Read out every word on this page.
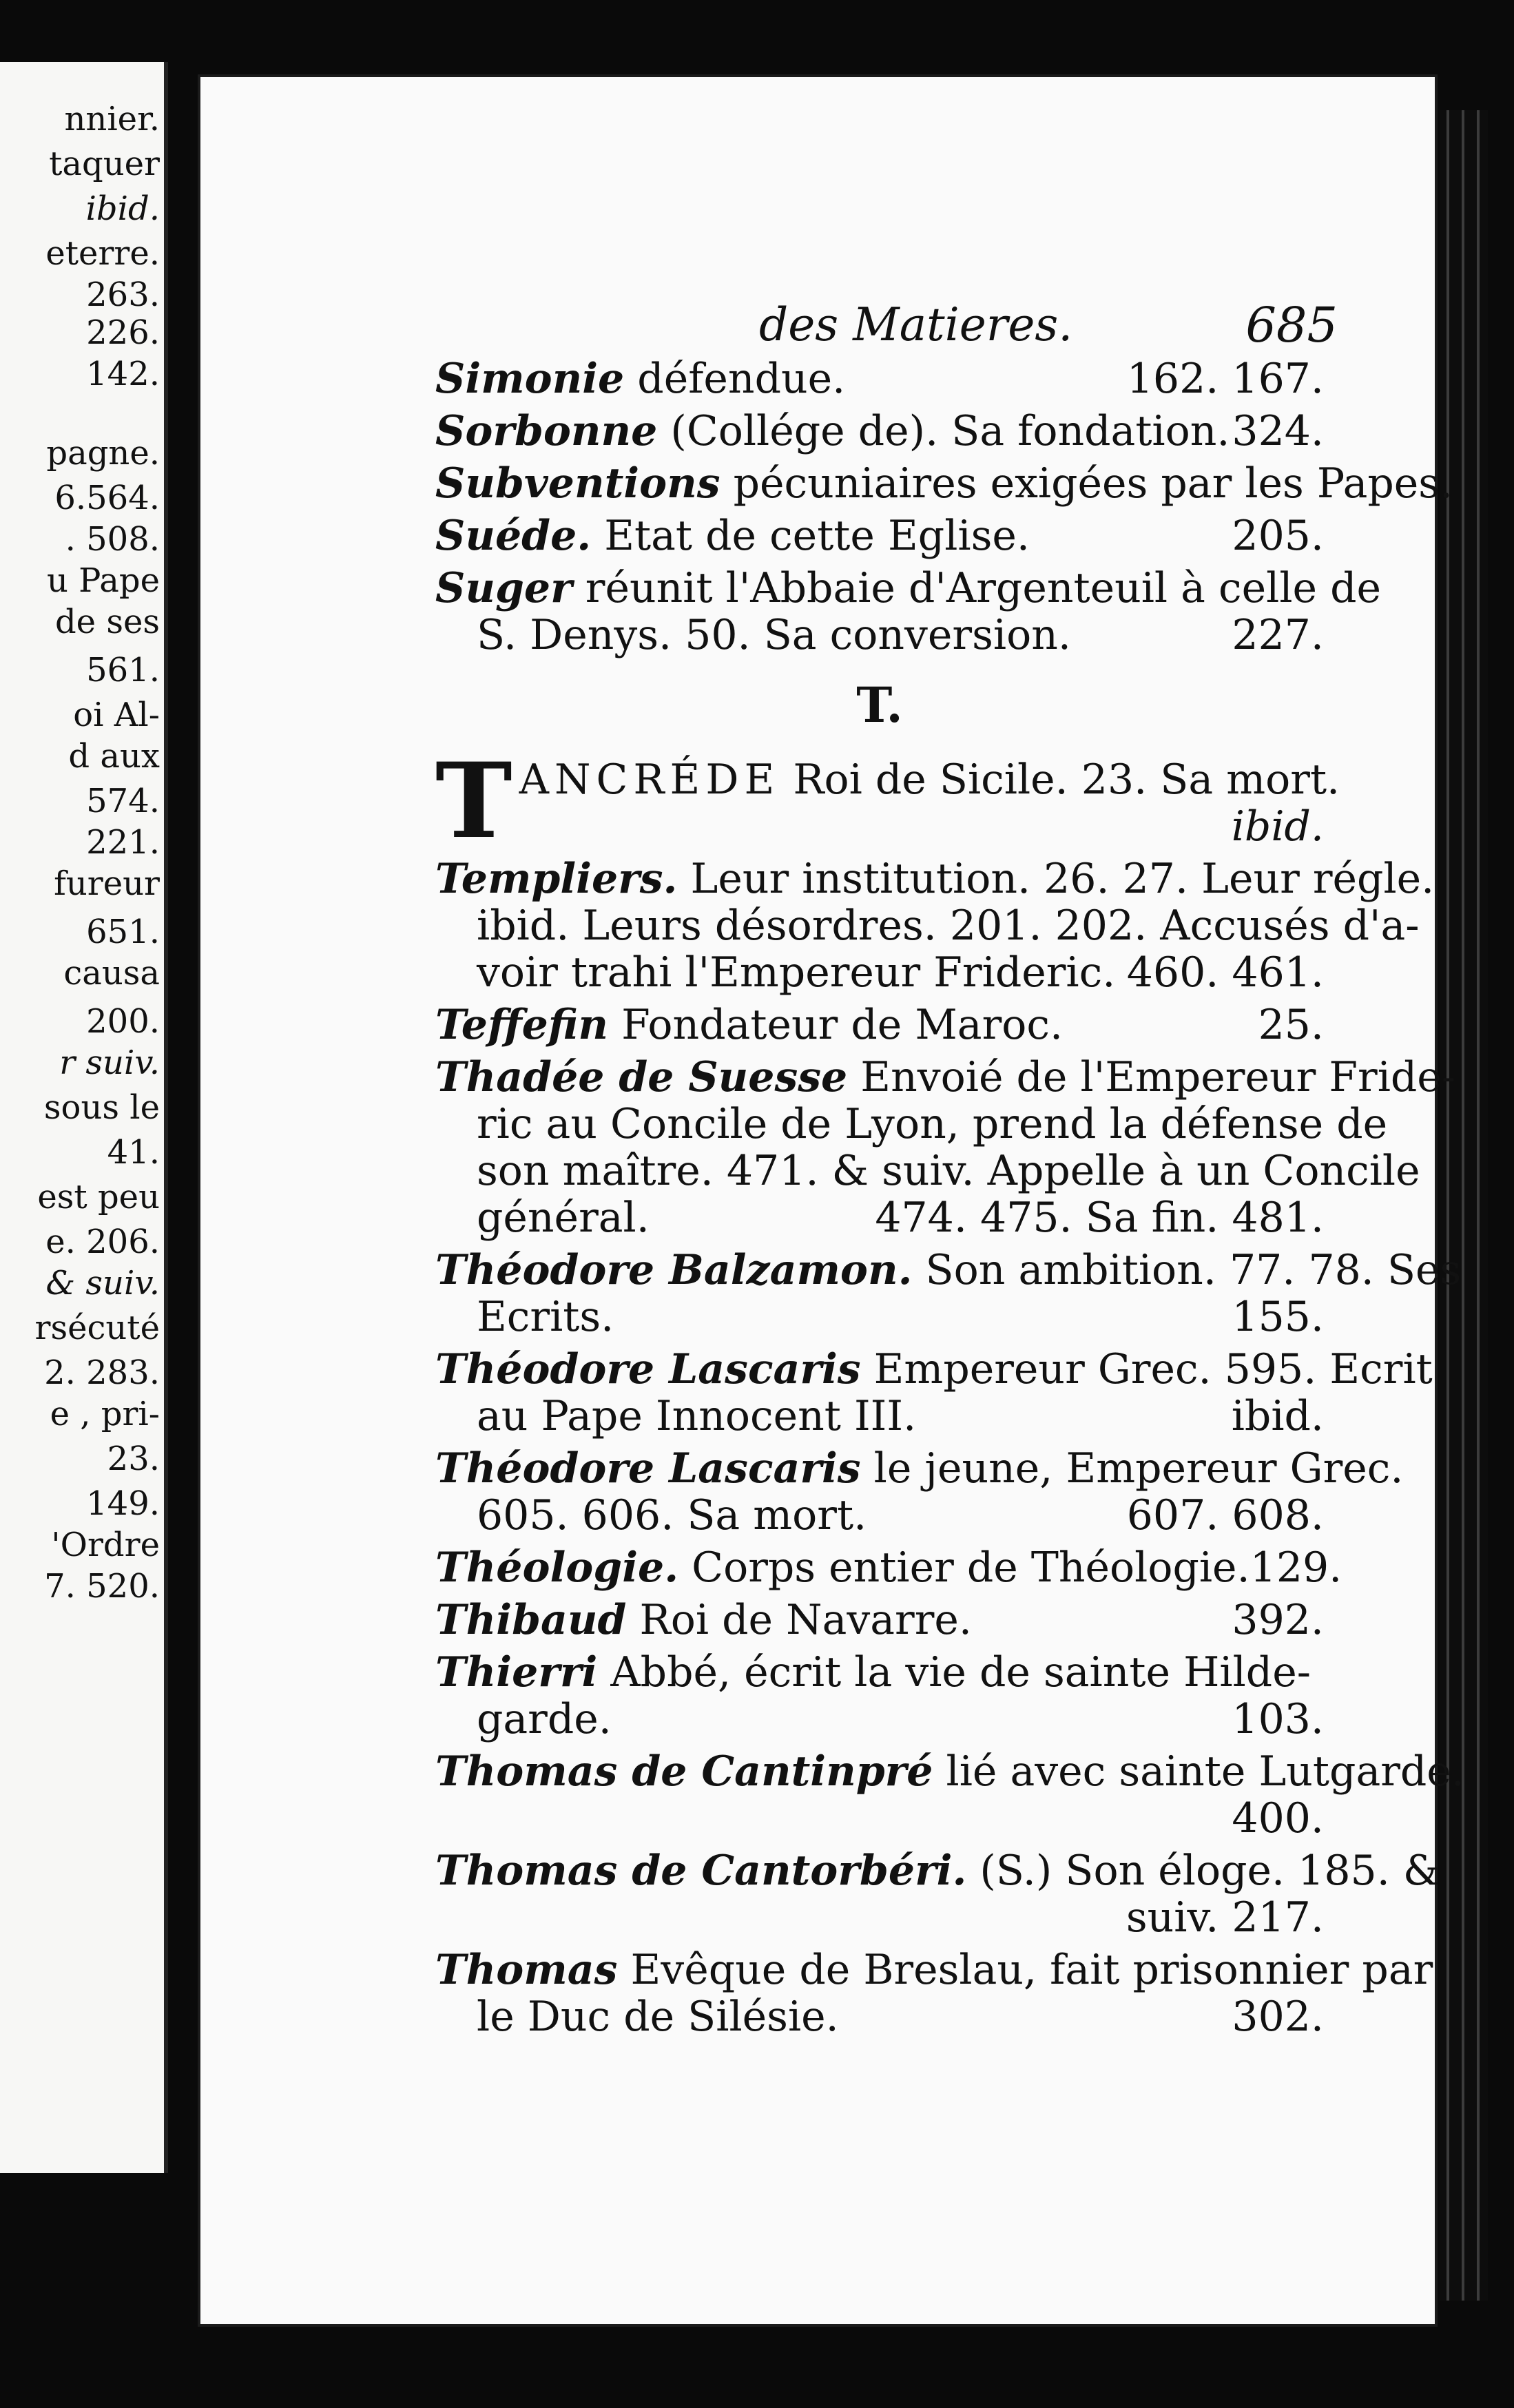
nnier.
taquer
ibid.
eterre.
263.
226.
142.
pagne.
6.564.
. 508.
u Pape
de ses
561.
oi Al-
d aux
574.
221.
fureur
651.
causa
200.
r suiv.
sous le
41.
est peu
e. 206.
& suiv.
rsécuté
2. 283.
e , pri-
23.
149.
'Ordre
7. 520.
des Matieres.	685
Simonie défendue.	162. 167.
Sorbonne (Collége de). Sa fondation. 324.
Subventions pécuniaires exigées par les Papes.
Suéde. Etat de cette Eglise.	205.
Suger réunit l'Abbaie d'Argenteuil à celle de
S. Denys. 50. Sa conversion.	227.
T.
T ANCRÉDE Roi de Sicile. 23. Sa mort.
ibid.
Templiers. Leur institution. 26. 27. Leur régle.
ibid. Leurs désordres. 201. 202. Accusés d'a-
voir trahi l'Empereur Frideric. 460. 461.
Teffefin Fondateur de Maroc.	25.
Thadée de Suesse Envoié de l'Empereur Fride-
ric au Concile de Lyon, prend la défense de
son maître. 471. & suiv. Appelle à un Concile
général.	474. 475. Sa fin. 481.
Théodore Balzamon. Son ambition. 77. 78. Ses
Ecrits.	155.
Théodore Lascaris Empereur Grec. 595. Ecrit
au Pape Innocent III.	ibid.
Théodore Lascaris le jeune, Empereur Grec.
605. 606. Sa mort.	607. 608.
Théologie. Corps entier de Théologie. 129.
Thibaud Roi de Navarre.	392.
Thierri Abbé, écrit la vie de sainte Hilde-
garde.	103.
Thomas de Cantinpré lié avec sainte Lutgarde.
400.
Thomas de Cantorbéri. (S.) Son éloge. 185. &
suiv. 217.
Thomas Evêque de Breslau, fait prisonnier par
le Duc de Silésie.	302.
